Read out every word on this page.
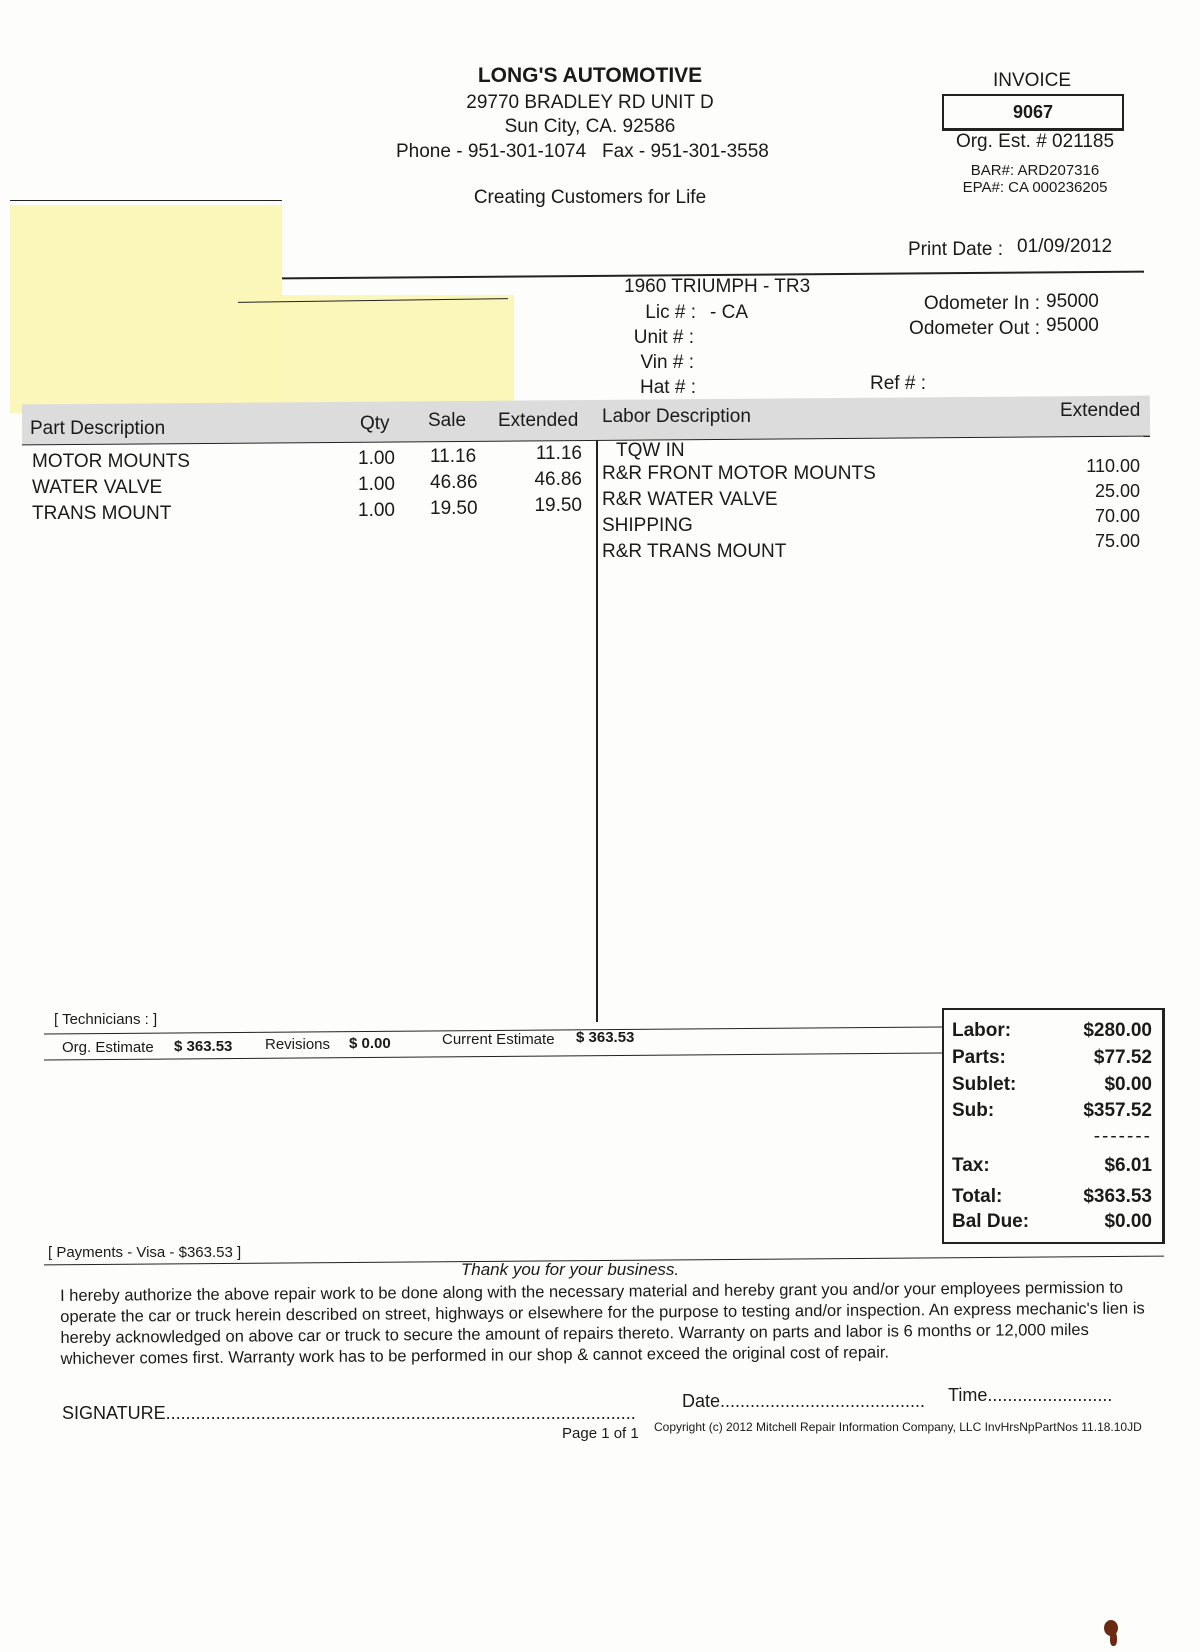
LONG'S AUTOMOTIVE
29770 BRADLEY RD UNIT D
Sun City, CA. 92586
Phone - 951-301-1074   Fax - 951-301-3558
Creating Customers for Life
INVOICE
9067
Org. Est. # 021185
BAR#: ARD207316
EPA#: CA 000236205
Print Date : 01/09/2012
1960 TRIUMPH - TR3
Lic # : - CA
Unit # :
Vin # :
Hat # :	Ref # :
Odometer In : 95000
Odometer Out : 95000
Part Description	Qty Sale Extended Labor Description	Extended
MOTOR MOUNTS	1.00 11.16	11.16
WATER VALVE	1.00 46.86	46.86
TRANS MOUNT	1.00 19.50	19.50
TQW IN
R&R FRONT MOTOR MOUNTS	110.00
R&R WATER VALVE	25.00
SHIPPING	70.00
R&R TRANS MOUNT	75.00
[ Technicians : ]
Org. Estimate $ 363.53 Revisions $ 0.00	Current Estimate $ 363.53
[ Payments - Visa - $363.53 ]
Labor:	$280.00
Parts:	$77.52
Sublet:	$0.00
Sub:	$357.52
-------
Tax:	$6.01
Total:	$363.53
Bal Due:	$0.00
Thank you for your business.
I hereby authorize the above repair work to be done along with the necessary material and hereby grant you and/or your employees permission to operate the car or truck herein described on street, highways or elsewhere for the purpose to testing and/or inspection. An express mechanic's lien is hereby acknowledged on above car or truck to secure the amount of repairs thereto. Warranty on parts and labor is 6 months or 12,000 miles whichever comes first. Warranty work has to be performed in our shop & cannot exceed the original cost of repair.
SIGNATURE..............................................................................................
Date......................................... Time.........................
Page 1 of 1 Copyright (c) 2012 Mitchell Repair Information Company, LLC InvHrsNpPartNos 11.18.10JD
